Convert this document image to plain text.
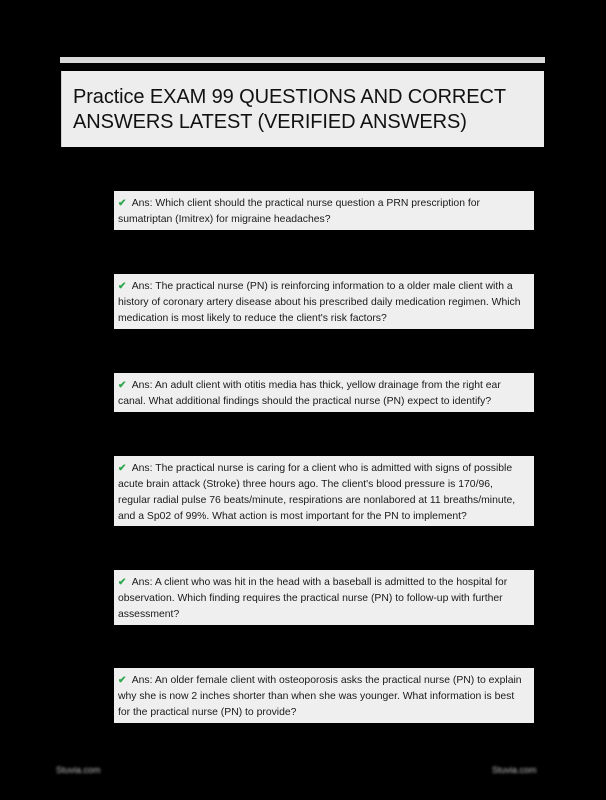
Practice EXAM 99 QUESTIONS AND CORRECT ANSWERS LATEST (VERIFIED ANSWERS)
✔ Ans: Which client should the practical nurse question a PRN prescription for sumatriptan (Imitrex) for migraine headaches?
✔ Ans: The practical nurse (PN) is reinforcing information to a older male client with a history of coronary artery disease about his prescribed daily medication regimen. Which medication is most likely to reduce the client's risk factors?
✔ Ans: An adult client with otitis media has thick, yellow drainage from the right ear canal. What additional findings should the practical nurse (PN) expect to identify?
✔ Ans: The practical nurse is caring for a client who is admitted with signs of possible acute brain attack (Stroke) three hours ago. The client's blood pressure is 170/96, regular radial pulse 76 beats/minute, respirations are nonlabored at 11 breaths/minute, and a Sp02 of 99%. What action is most important for the PN to implement?
✔ Ans: A client who was hit in the head with a baseball is admitted to the hospital for observation. Which finding requires the practical nurse (PN) to follow-up with further assessment?
✔ Ans: An older female client with osteoporosis asks the practical nurse (PN) to explain why she is now 2 inches shorter than when she was younger. What information is best for the practical nurse (PN) to provide?
Stuvia.com	Stuvia.com
